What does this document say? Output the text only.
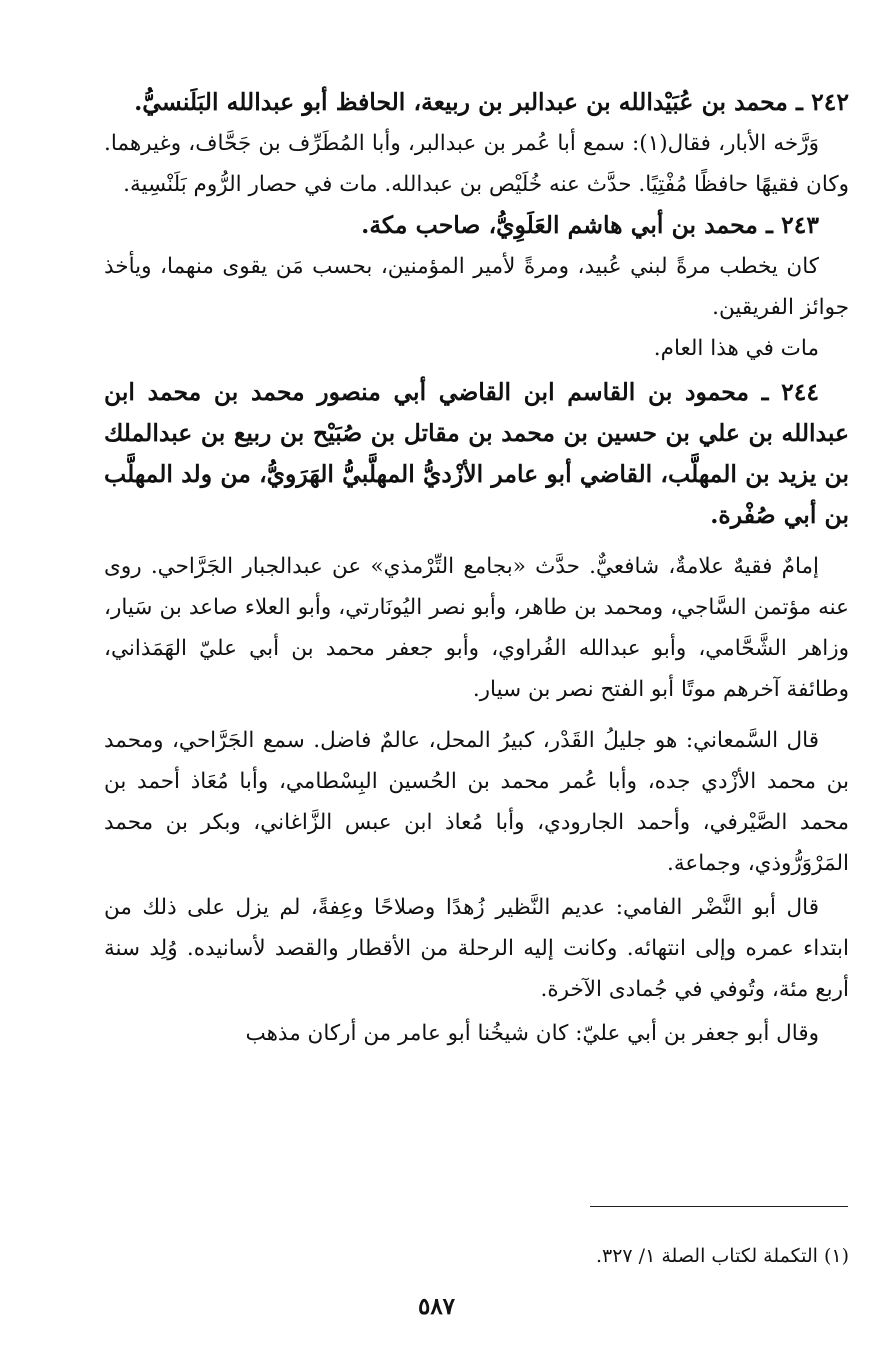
٢٤٢ ـ محمد بن عُبَيْدالله بن عبدالبر بن ربيعة، الحافظ أبو عبدالله البَلَنسيُّ.

وَرَّخه الأبار، فقال(١): سمع أبا عُمر بن عبدالبر، وأبا المُطَرِّف بن جَحَّاف، وغيرهما. وكان فقيهًا حافظًا مُفْتِيًا. حدَّث عنه خُلَيْص بن عبدالله. مات في حصار الرُّوم بَلَنْسِية.

٢٤٣ ـ محمد بن أبي هاشم العَلَوِيُّ، صاحب مكة.

كان يخطب مرةً لبني عُبيد، ومرةً لأمير المؤمنين، بحسب مَن يقوى منهما، ويأخذ جوائز الفريقين.

مات في هذا العام.

٢٤٤ ـ محمود بن القاسم ابن القاضي أبي منصور محمد بن محمد ابن عبدالله بن علي بن حسين بن محمد بن مقاتل بن صُبَيْح بن ربيع بن عبدالملك بن يزيد بن المهلَّب، القاضي أبو عامر الأزْديُّ المهلَّبيُّ الهَرَويُّ، من ولد المهلَّب بن أبي صُفْرة.

إمامٌ فقيهٌ علامةٌ، شافعيٌّ. حدَّث «بجامع التِّرْمذي» عن عبدالجبار الجَرَّاحي. روى عنه مؤتمن السَّاجي، ومحمد بن طاهر، وأبو نصر اليُونَارتي، وأبو العلاء صاعد بن سَيار، وزاهر الشَّحَّامي، وأبو عبدالله الفُراوي، وأبو جعفر محمد بن أبي عليّ الهَمَذاني، وطائفة آخرهم موتًا أبو الفتح نصر بن سيار.

قال السَّمعاني: هو جليلُ القَدْر، كبيرُ المحل، عالمٌ فاضل. سمع الجَرَّاحي، ومحمد بن محمد الأزْدي جده، وأبا عُمر محمد بن الحُسين البِسْطامي، وأبا مُعَاذ أحمد بن محمد الصَّيْرفي، وأحمد الجارودي، وأبا مُعاذ ابن عبس الزَّاغاني، وبكر بن محمد المَرْوَرُّوذي، وجماعة.

قال أبو النَّضْر الفامي: عديم النَّظير زُهدًا وصلاحًا وعِفةً، لم يزل على ذلك من ابتداء عمره وإلى انتهائه. وكانت إليه الرحلة من الأقطار والقصد لأسانيده. وُلِد سنة أربع مئة، وتُوفي في جُمادى الآخرة.

وقال أبو جعفر بن أبي عليّ: كان شيخُنا أبو عامر من أركان مذهب

(١) التكملة لكتاب الصلة ١/ ٣٢٧.

٥٨٧
